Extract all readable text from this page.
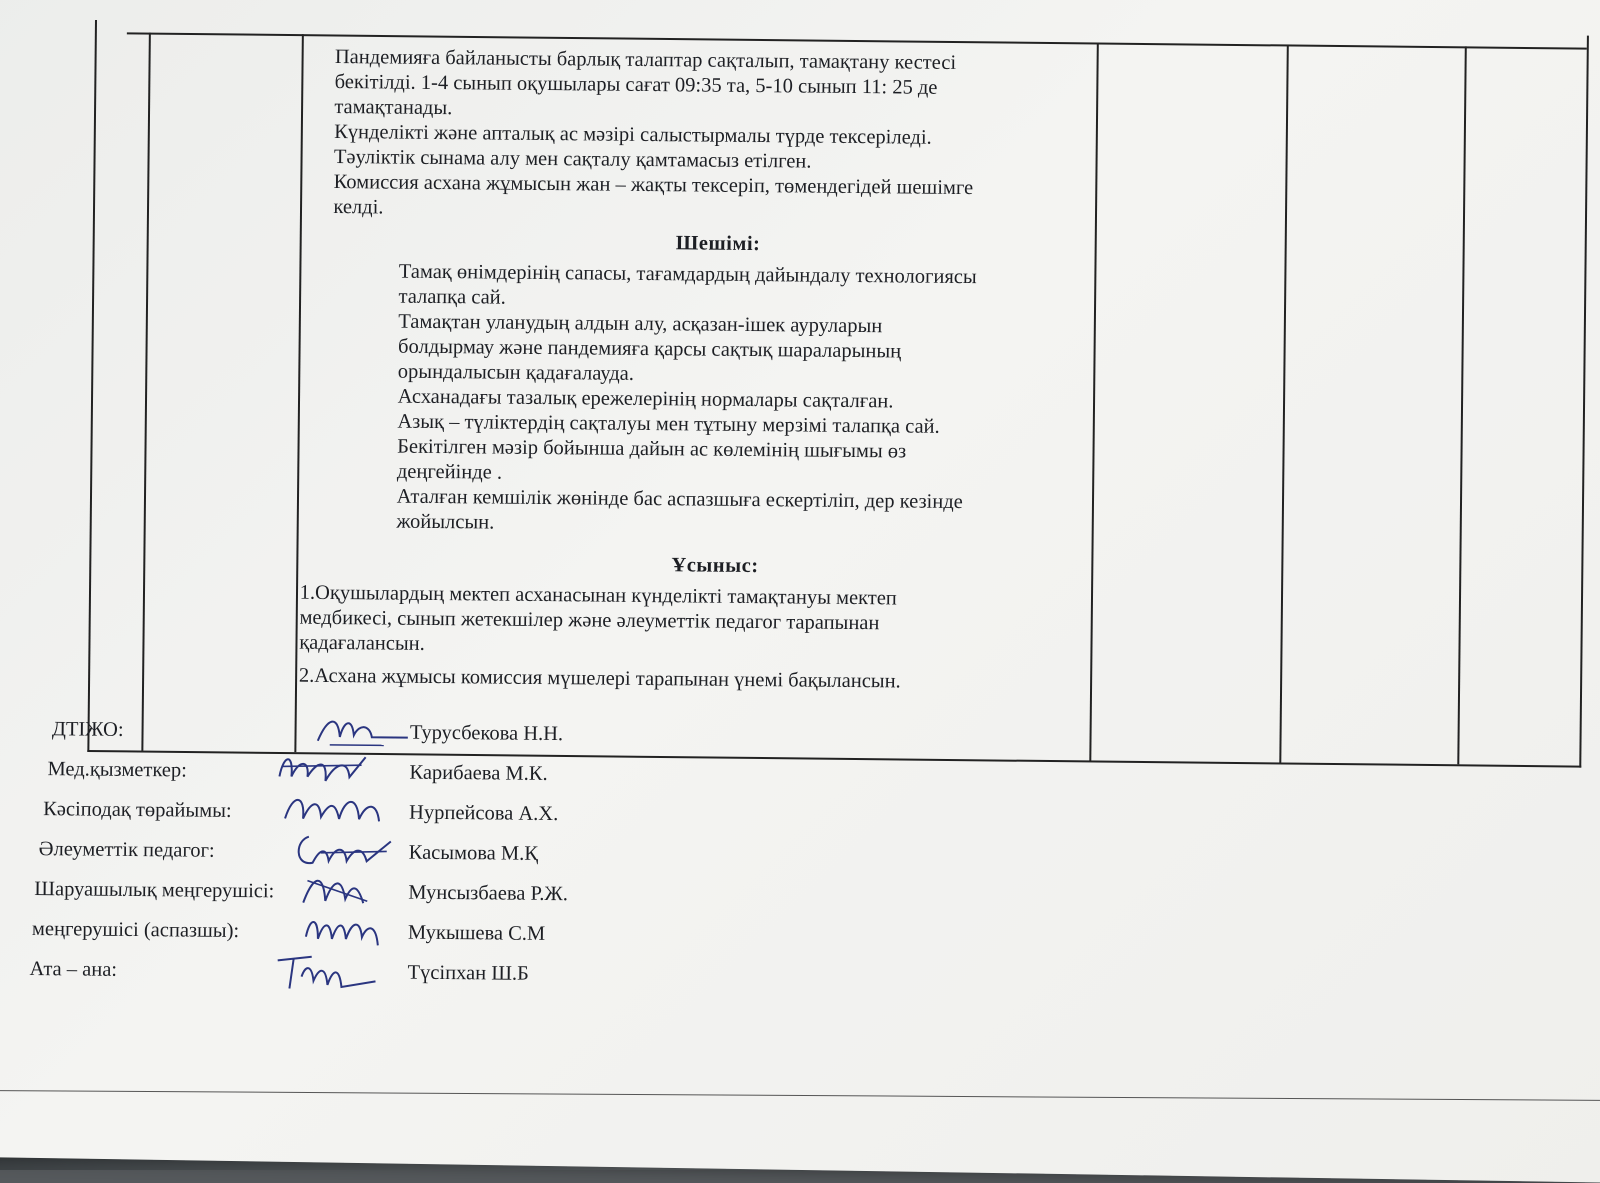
Пандемияға байланысты барлық талаптар сақталып, тамақтану кестесі

бекітілді. 1-4 сынып оқушылары сағат 09:35 та, 5-10 сынып 11: 25 де

тамақтанады.

Күнделікті және апталық ас мәзірі салыстырмалы түрде тексеріледі.

Тәуліктік сынама алу мен сақталу қамтамасыз етілген.

Комиссия асхана жұмысын жан – жақты тексеріп, төмендегідей шешімге

келді.

Шешімі:

Тамақ өнімдерінің сапасы, тағамдардың дайындалу технологиясы

талапқа сай.

Тамақтан уланудың алдын алу, асқазан-ішек ауруларын

болдырмау және пандемияға қарсы сақтық шараларының

орындалысын қадағалауда.

Асханадағы тазалық ережелерінің нормалары сақталған.

Азық – түліктердің сақталуы мен тұтыну мерзімі талапқа сай.

Бекітілген мәзір бойынша дайын ас көлемінің шығымы өз

деңгейінде .

Аталған кемшілік жөнінде бас аспазшыға ескертіліп, дер кезінде

жойылсын.

Ұсыныс:

1.Оқушылардың мектеп асханасынан күнделікті тамақтануы мектеп

медбикесі, сынып жетекшілер және әлеуметтік педагог тарапынан

қадағалансын.

2.Асхана жұмысы комиссия мүшелері тарапынан үнемі бақылансын.

ДТІЖО:	Турусбекова Н.Н.
Мед.қызметкер:	Карибаева М.К.
Кәсіподақ төрайымы:	Нурпейсова А.Х.
Әлеуметтік педагог:	Касымова М.Қ
Шаруашылық меңгерушісі:	Мунсызбаева Р.Ж.
меңгерушісі (аспазшы):	Мукышева С.М
Ата – ана:	Түсіпхан Ш.Б
